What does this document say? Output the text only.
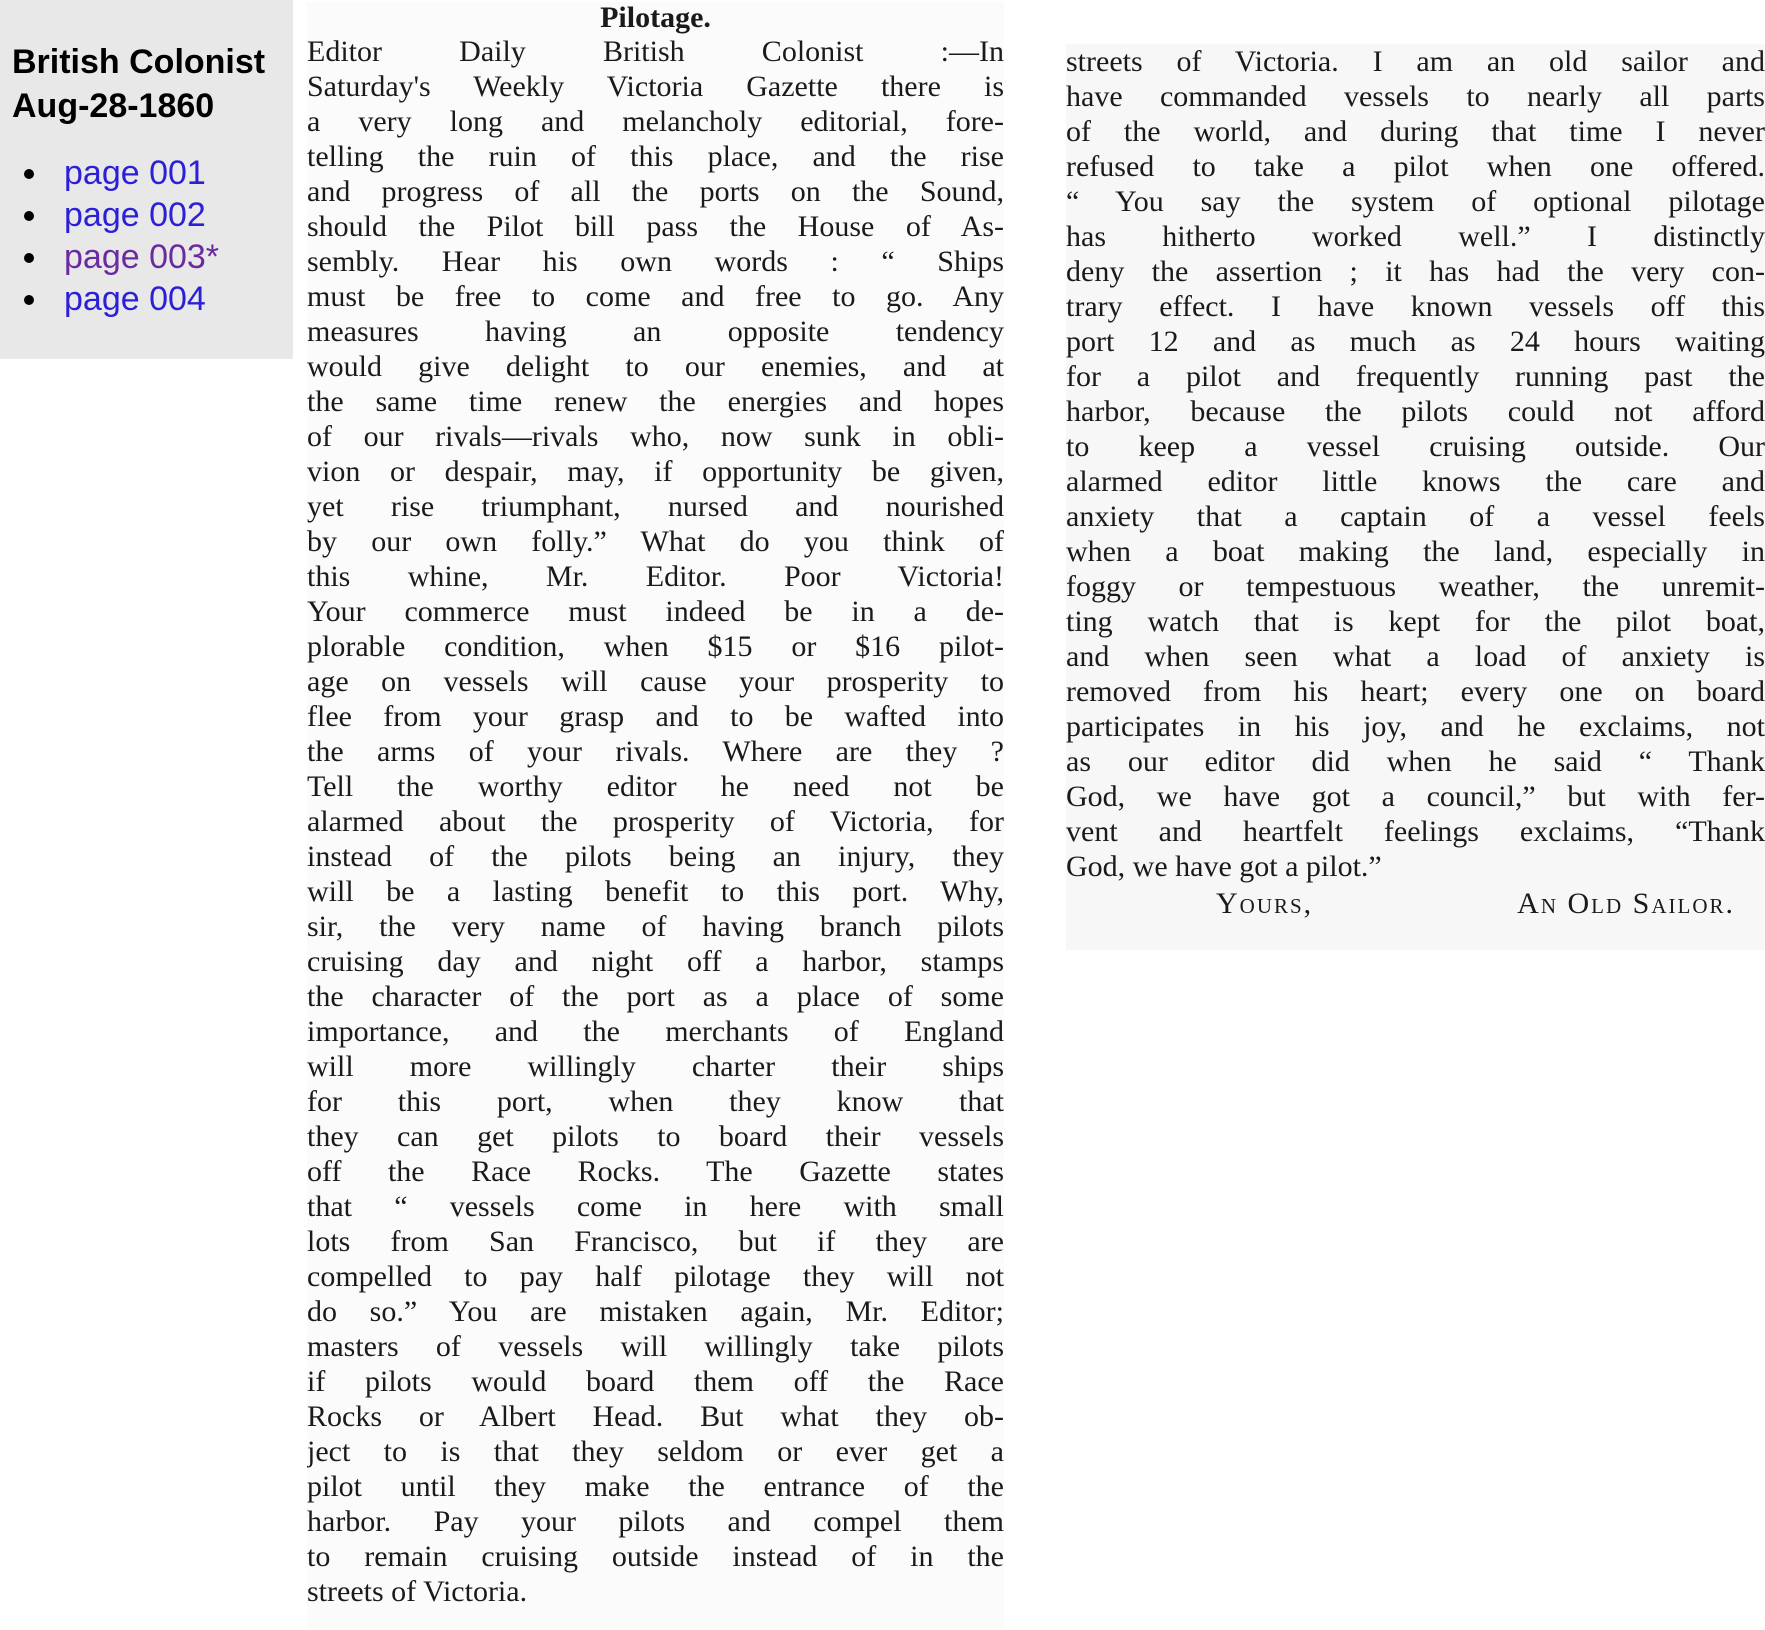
British Colonist
Aug-28-1860
page 001
page 002
page 003*
page 004
Pilotage.
Editor Daily British Colonist :—In
Saturday's Weekly Victoria Gazette there is
a very long and melancholy editorial, fore-
telling the ruin of this place, and the rise
and progress of all the ports on the Sound,
should the Pilot bill pass the House of As-
sembly. Hear his own words : “ Ships
must be free to come and free to go. Any
measures having an opposite tendency
would give delight to our enemies, and at
the same time renew the energies and hopes
of our rivals—rivals who, now sunk in obli-
vion or despair, may, if opportunity be given,
yet rise triumphant, nursed and nourished
by our own folly.” What do you think of
this whine, Mr. Editor. Poor Victoria!
Your commerce must indeed be in a de-
plorable condition, when $15 or $16 pilot-
age on vessels will cause your prosperity to
flee from your grasp and to be wafted into
the arms of your rivals. Where are they ?
Tell the worthy editor he need not be
alarmed about the prosperity of Victoria, for
instead of the pilots being an injury, they
will be a lasting benefit to this port. Why,
sir, the very name of having branch pilots
cruising day and night off a harbor, stamps
the character of the port as a place of some
importance, and the merchants of England
will more willingly charter their ships
for this port, when they know that
they can get pilots to board their vessels
off the Race Rocks. The Gazette states
that “ vessels come in here with small
lots from San Francisco, but if they are
compelled to pay half pilotage they will not
do so.” You are mistaken again, Mr. Editor;
masters of vessels will willingly take pilots
if pilots would board them off the Race
Rocks or Albert Head. But what they ob-
ject to is that they seldom or ever get a
pilot until they make the entrance of the
harbor. Pay your pilots and compel them
to remain cruising outside instead of in the
streets of Victoria.
streets of Victoria. I am an old sailor and
have commanded vessels to nearly all parts
of the world, and during that time I never
refused to take a pilot when one offered.
“ You say the system of optional pilotage
has hitherto worked well.” I distinctly
deny the assertion ; it has had the very con-
trary effect. I have known vessels off this
port 12 and as much as 24 hours waiting
for a pilot and frequently running past the
harbor, because the pilots could not afford
to keep a vessel cruising outside. Our
alarmed editor little knows the care and
anxiety that a captain of a vessel feels
when a boat making the land, especially in
foggy or tempestuous weather, the unremit-
ting watch that is kept for the pilot boat,
and when seen what a load of anxiety is
removed from his heart; every one on board
participates in his joy, and he exclaims, not
as our editor did when he said “ Thank
God, we have got a council,” but with fer-
vent and heartfelt feelings exclaims, “Thank
God, we have got a pilot.”
Yours,	An Old Sailor.
